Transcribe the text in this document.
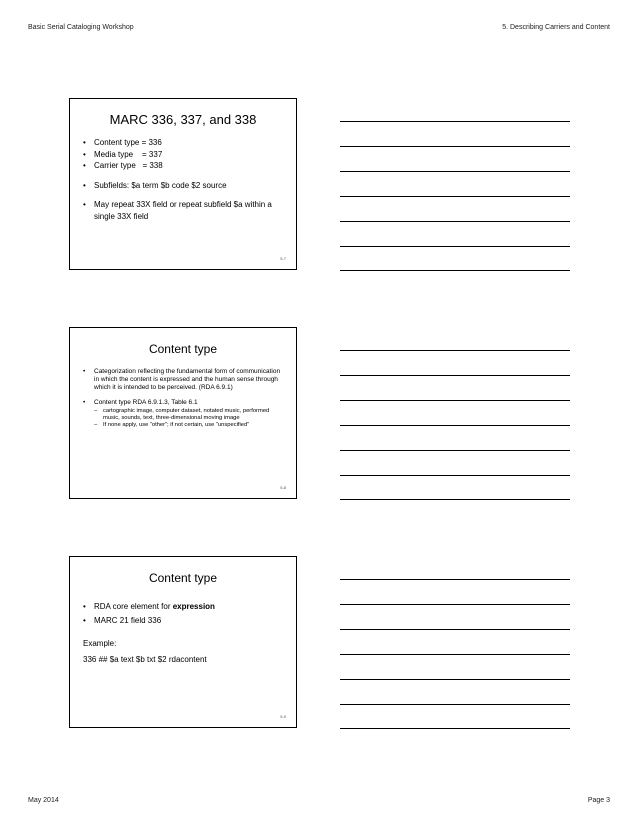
Basic Serial Cataloging Workshop	5. Describing Carriers and Content
MARC 336, 337, and 338
• Content type = 336
• Media type    = 337
• Carrier type   = 338
• Subfields: $a term $b code $2 source
• May repeat 33X field or repeat subfield $a within a single 33X field
5-7
Content type
• Categorization reflecting the fundamental form of communication in which the content is expressed and the human sense through which it is intended to be perceived. (RDA 6.9.1)
• Content type RDA 6.9.1.3, Table 6.1
– cartographic image, computer dataset, notated music, performed music, sounds, text, three-dimensional moving image
– If none apply, use “other”; if not certain, use “unspecified”
5-8
Content type
• RDA core element for expression
• MARC 21 field 336
Example:
336 ## $a text $b txt $2 rdacontent
5-9
May 2014	Page 3
